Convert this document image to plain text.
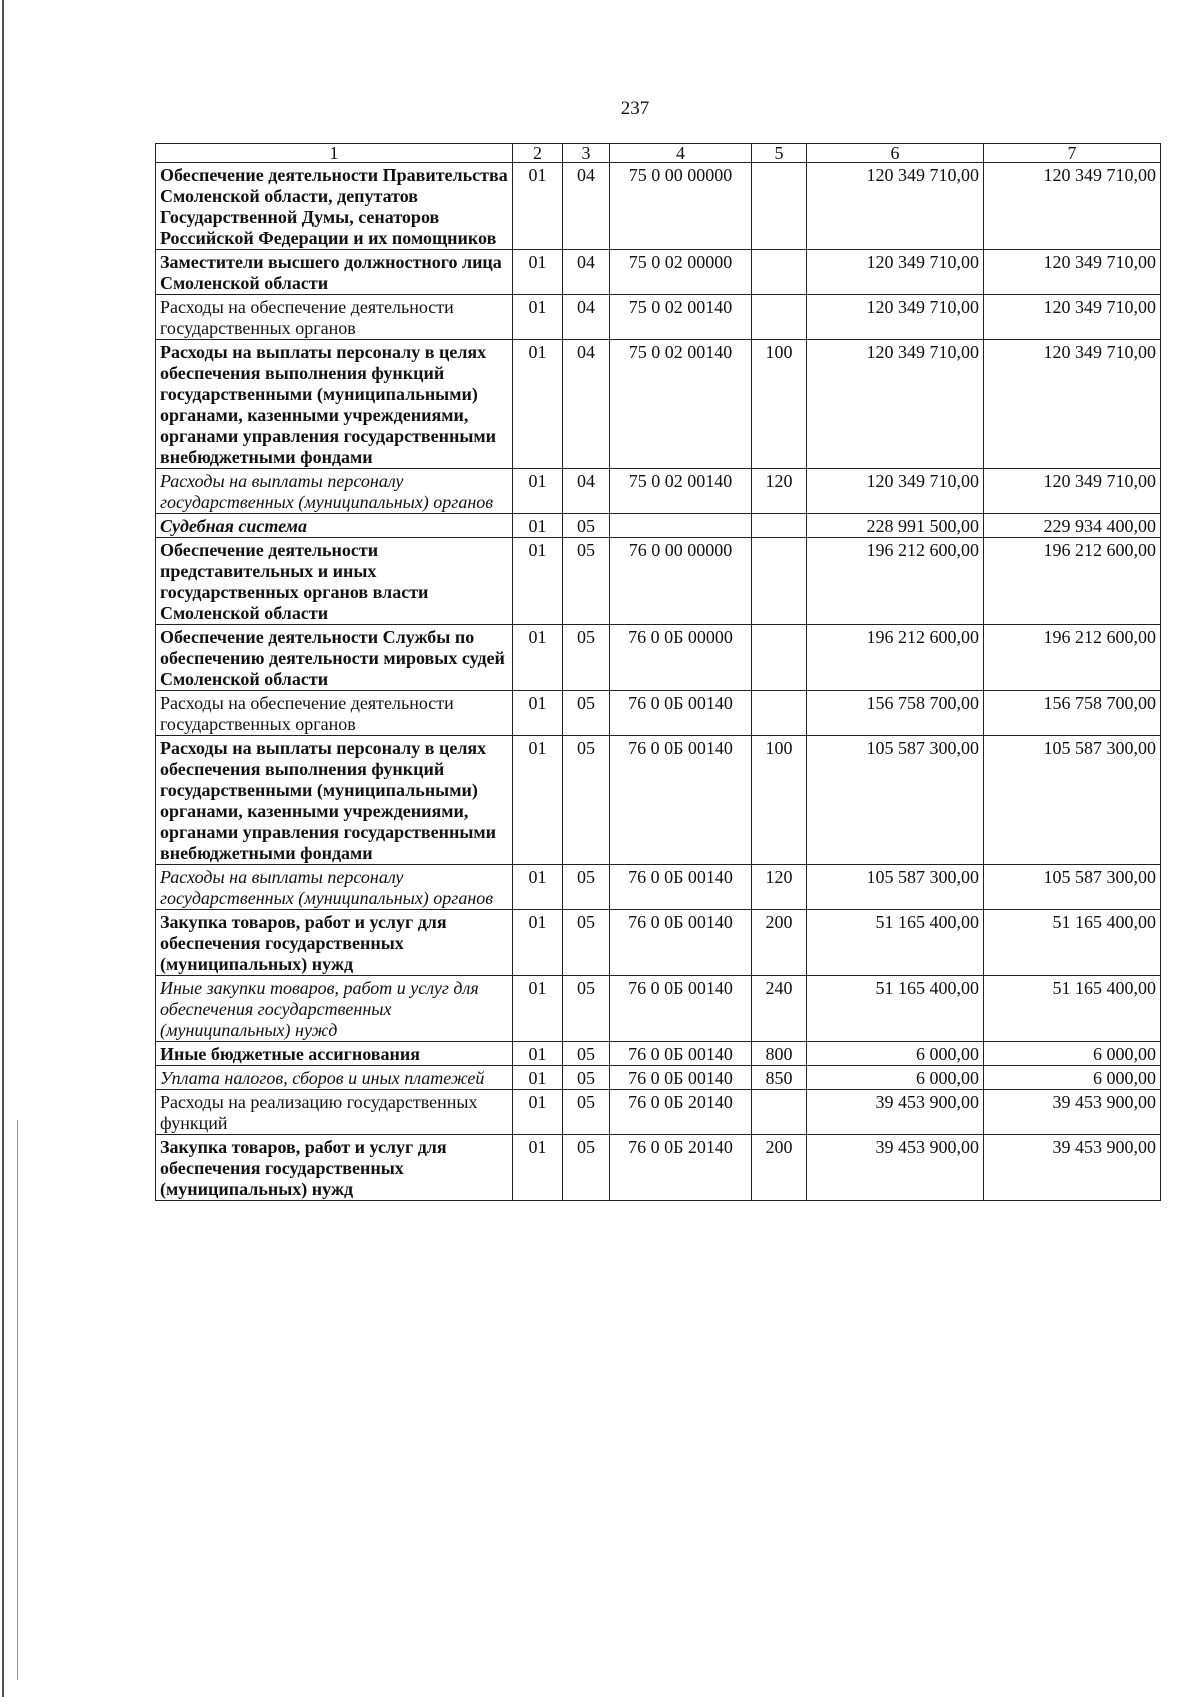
237
1	2	3	4	5	6	7
Обеспечение деятельности Правительства Смоленской области, депутатов Государственной Думы, сенаторов Российской Федерации и их помощников	01	04	75 0 00 00000		120 349 710,00	120 349 710,00
Заместители высшего должностного лица Смоленской области	01	04	75 0 02 00000		120 349 710,00	120 349 710,00
Расходы на обеспечение деятельности государственных органов	01	04	75 0 02 00140		120 349 710,00	120 349 710,00
Расходы на выплаты персоналу в целях обеспечения выполнения функций государственными (муниципальными) органами, казенными учреждениями, органами управления государственными внебюджетными фондами	01	04	75 0 02 00140	100	120 349 710,00	120 349 710,00
Расходы на выплаты персоналу государственных (муниципальных) органов	01	04	75 0 02 00140	120	120 349 710,00	120 349 710,00
Судебная система	01	05			228 991 500,00	229 934 400,00
Обеспечение деятельности представительных и иных государственных органов власти Смоленской области	01	05	76 0 00 00000		196 212 600,00	196 212 600,00
Обеспечение деятельности Службы по обеспечению деятельности мировых судей Смоленской области	01	05	76 0 0Б 00000		196 212 600,00	196 212 600,00
Расходы на обеспечение деятельности государственных органов	01	05	76 0 0Б 00140		156 758 700,00	156 758 700,00
Расходы на выплаты персоналу в целях обеспечения выполнения функций государственными (муниципальными) органами, казенными учреждениями, органами управления государственными внебюджетными фондами	01	05	76 0 0Б 00140	100	105 587 300,00	105 587 300,00
Расходы на выплаты персоналу государственных (муниципальных) органов	01	05	76 0 0Б 00140	120	105 587 300,00	105 587 300,00
Закупка товаров, работ и услуг для обеспечения государственных (муниципальных) нужд	01	05	76 0 0Б 00140	200	51 165 400,00	51 165 400,00
Иные закупки товаров, работ и услуг для обеспечения государственных (муниципальных) нужд	01	05	76 0 0Б 00140	240	51 165 400,00	51 165 400,00
Иные бюджетные ассигнования	01	05	76 0 0Б 00140	800	6 000,00	6 000,00
Уплата налогов, сборов и иных платежей	01	05	76 0 0Б 00140	850	6 000,00	6 000,00
Расходы на реализацию государственных функций	01	05	76 0 0Б 20140		39 453 900,00	39 453 900,00
Закупка товаров, работ и услуг для обеспечения государственных (муниципальных) нужд	01	05	76 0 0Б 20140	200	39 453 900,00	39 453 900,00
